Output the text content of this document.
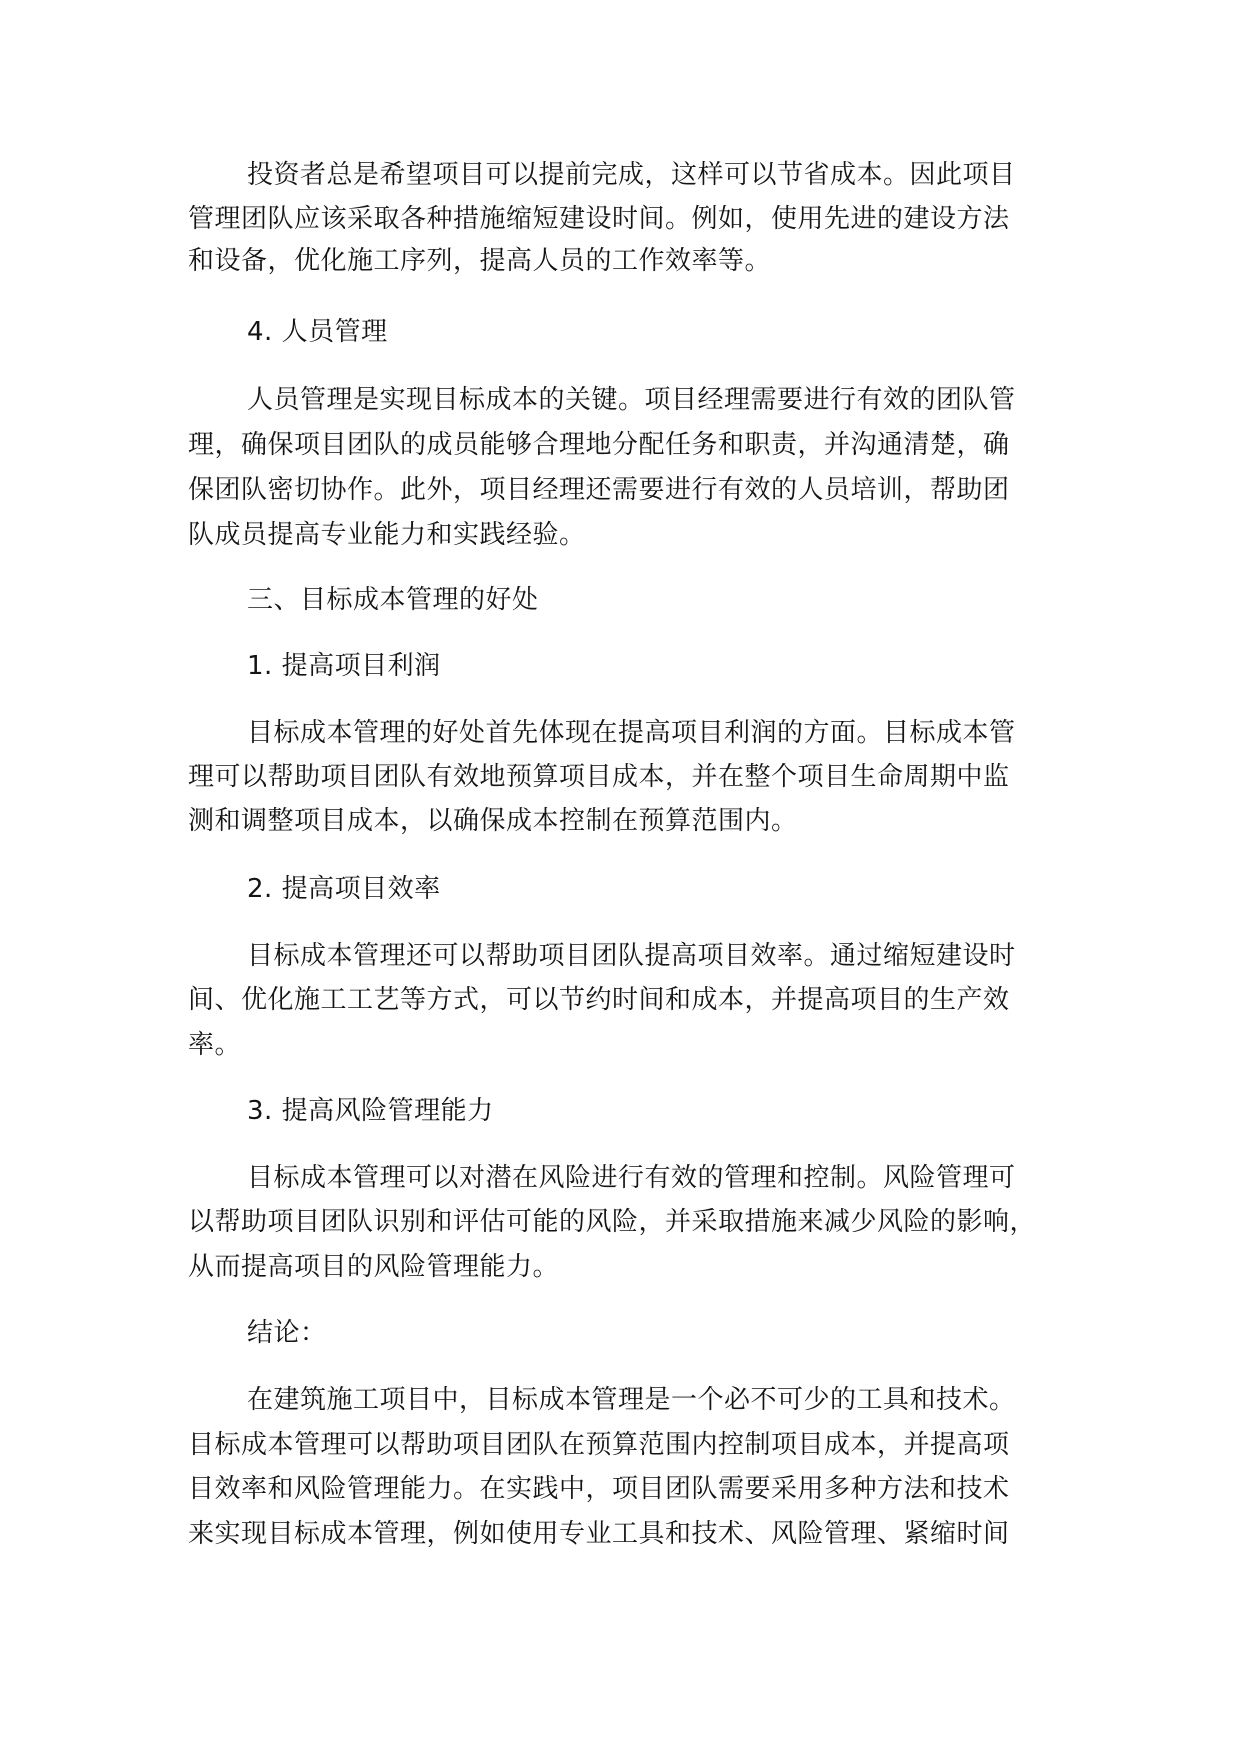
投资者总是希望项目可以提前完成，这样可以节省成本。因此项目

管理团队应该采取各种措施缩短建设时间。例如，使用先进的建设方法

和设备，优化施工序列，提高人员的工作效率等。

4. 人员管理

人员管理是实现目标成本的关键。项目经理需要进行有效的团队管

理，确保项目团队的成员能够合理地分配任务和职责，并沟通清楚，确

保团队密切协作。此外，项目经理还需要进行有效的人员培训，帮助团

队成员提高专业能力和实践经验。

三、目标成本管理的好处

1. 提高项目利润

目标成本管理的好处首先体现在提高项目利润的方面。目标成本管

理可以帮助项目团队有效地预算项目成本，并在整个项目生命周期中监

测和调整项目成本，以确保成本控制在预算范围内。

2. 提高项目效率

目标成本管理还可以帮助项目团队提高项目效率。通过缩短建设时

间、优化施工工艺等方式，可以节约时间和成本，并提高项目的生产效

率。

3. 提高风险管理能力

目标成本管理可以对潜在风险进行有效的管理和控制。风险管理可

以帮助项目团队识别和评估可能的风险，并采取措施来减少风险的影响，

从而提高项目的风险管理能力。

结论：

在建筑施工项目中，目标成本管理是一个必不可少的工具和技术。

目标成本管理可以帮助项目团队在预算范围内控制项目成本，并提高项

目效率和风险管理能力。在实践中，项目团队需要采用多种方法和技术

来实现目标成本管理，例如使用专业工具和技术、风险管理、紧缩时间
